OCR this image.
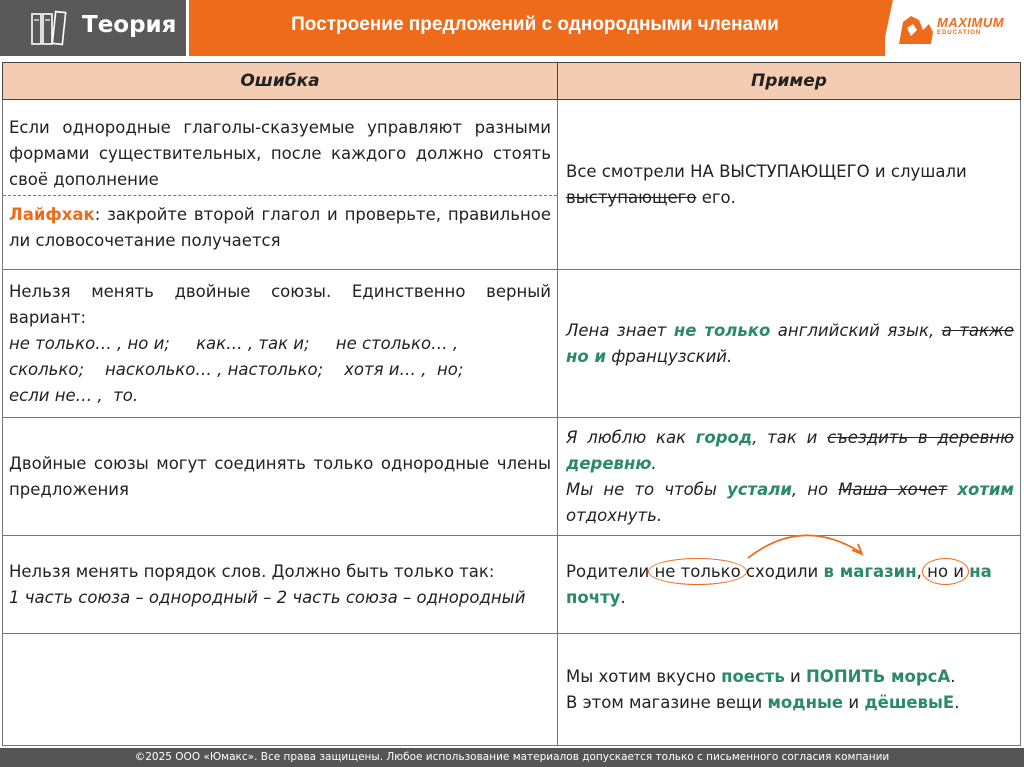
Теория	Построение предложений с однородными членами	MAXIMUM
EDUCATION
Ошибка	Пример

Если однородные глаголы-сказуемые управляют разными формами существительных, после каждого должно стоять своё дополнение
Лайфхак: закройте второй глагол и проверьте, правильное ли словосочетание получается	Все смотрели НА ВЫСТУПАЮЩЕГО и слушали выступающего его.

Нельзя менять двойные союзы. Единственно верный вариант:
не только… , но и;     как… , так и;     не столько… ,
сколько;    насколько… , настолько;    хотя и… ,  но;
если не… ,  то.	Лена знает не только английский язык, а также но и французский.
Двойные союзы могут соединять только однородные члены предложения	Я люблю как город, так и съездить в деревню деревню.
Мы не то чтобы устали, но Маша хочет хотим отдохнуть.

Нельзя менять порядок слов. Должно быть только так:
1 часть союза – однородный – 2 часть союза – однородный	Родители
не только сходили в магазин,
но и на почту.

	Мы хотим вкусно поесть и ПОПИТЬ морсА.
В этом магазине вещи модные и дёшевыЕ.
©2025 ООО «Юмакс». Все права защищены. Любое использование материалов допускается только с письменного согласия компании
